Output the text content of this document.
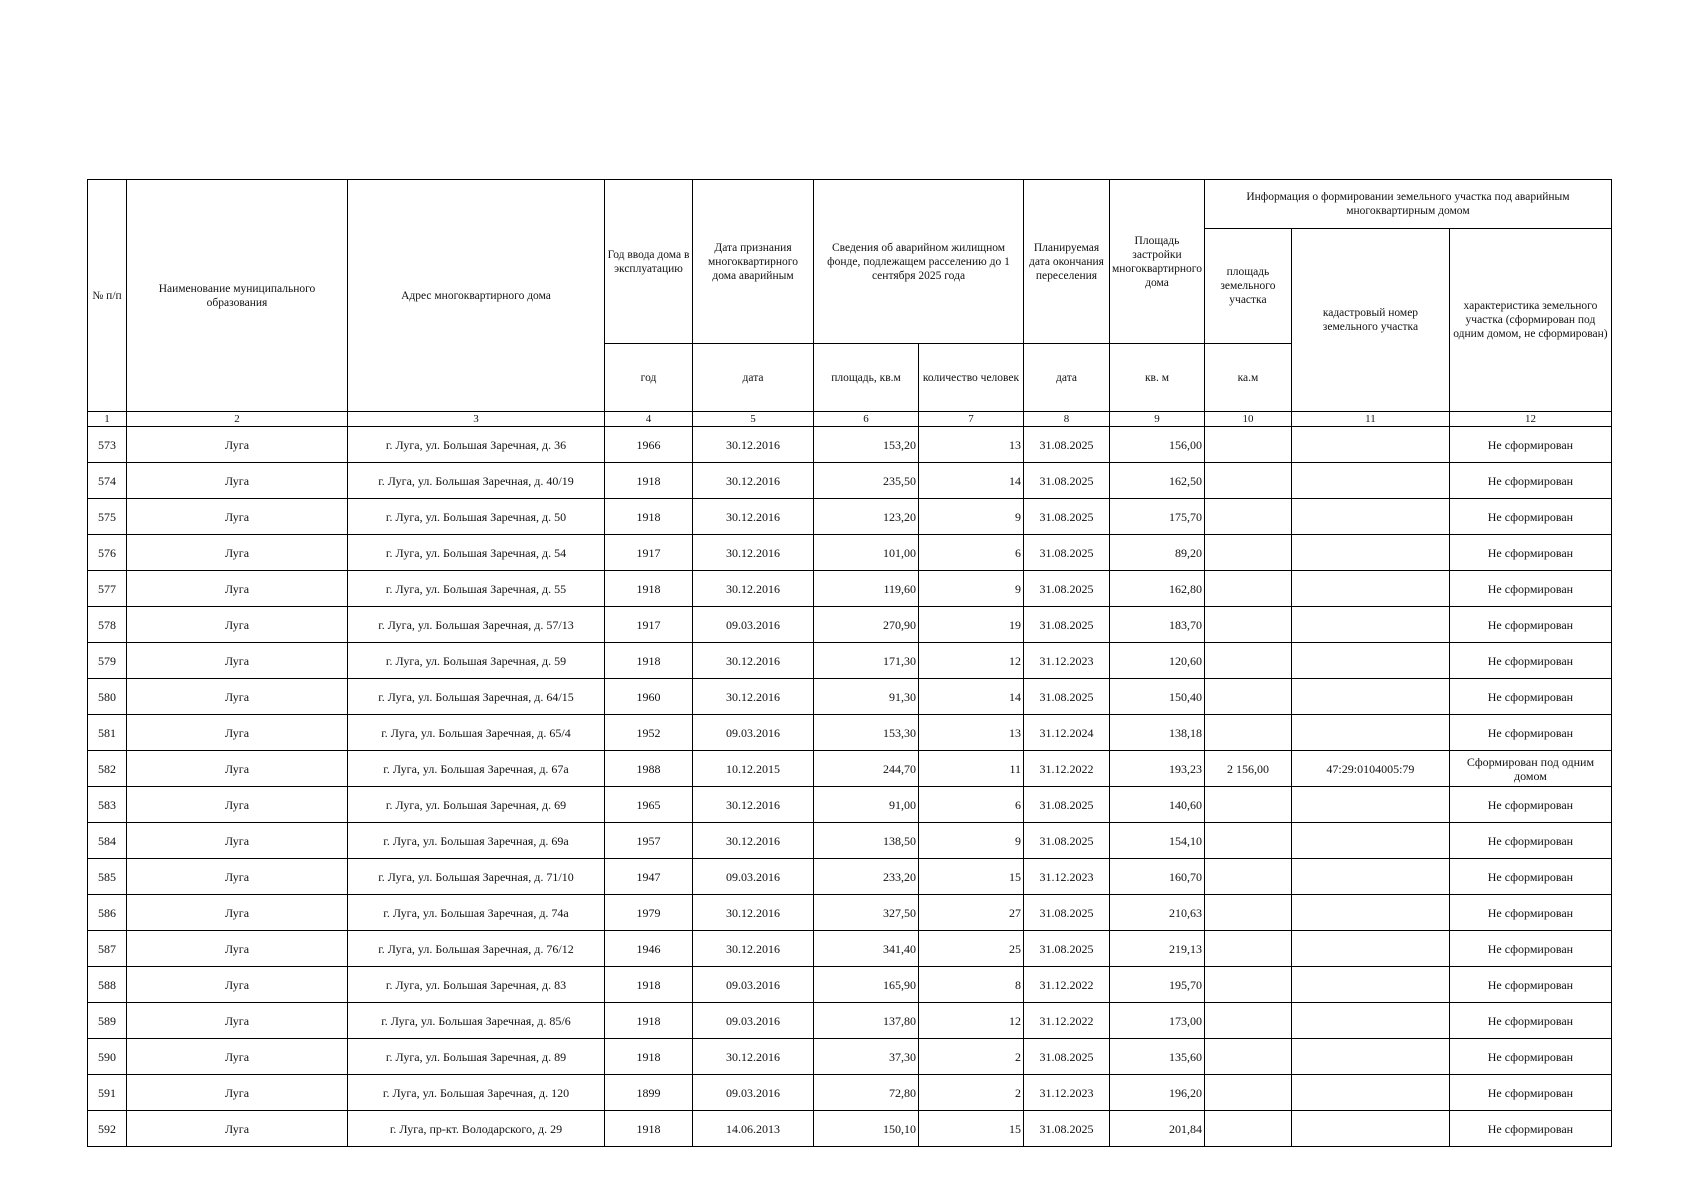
№ п/п	Наименование муниципального образования	Адрес многоквартирного дома	Год ввода дома в эксплуатацию	Дата признания многоквартирного дома аварийным	Сведения об аварийном жилищном фонде, подлежащем расселению до 1 сентября 2025 года		Планируемая дата окончания переселения	Площадь застройки многоквартирного дома	Информация о формировании земельного участка под аварийным многоквартирным домом		
									площадь земельного участка	кадастровый номер земельного участка	характеристика земельного участка (сформирован под одним домом, не сформирован)
			год	дата	площадь, кв.м	количество человек	дата	кв. м	ка.м		
1	2	3	4	5	6	7	8	9	10	11	12
573	Луга	г. Луга, ул. Большая Заречная, д. 36	1966	30.12.2016	153,20	13	31.08.2025	156,00			Не сформирован
574	Луга	г. Луга, ул. Большая Заречная, д. 40/19	1918	30.12.2016	235,50	14	31.08.2025	162,50			Не сформирован
575	Луга	г. Луга, ул. Большая Заречная, д. 50	1918	30.12.2016	123,20	9	31.08.2025	175,70			Не сформирован
576	Луга	г. Луга, ул. Большая Заречная, д. 54	1917	30.12.2016	101,00	6	31.08.2025	89,20			Не сформирован
577	Луга	г. Луга, ул. Большая Заречная, д. 55	1918	30.12.2016	119,60	9	31.08.2025	162,80			Не сформирован
578	Луга	г. Луга, ул. Большая Заречная, д. 57/13	1917	09.03.2016	270,90	19	31.08.2025	183,70			Не сформирован
579	Луга	г. Луга, ул. Большая Заречная, д. 59	1918	30.12.2016	171,30	12	31.12.2023	120,60			Не сформирован
580	Луга	г. Луга, ул. Большая Заречная, д. 64/15	1960	30.12.2016	91,30	14	31.08.2025	150,40			Не сформирован
581	Луга	г. Луга, ул. Большая Заречная, д. 65/4	1952	09.03.2016	153,30	13	31.12.2024	138,18			Не сформирован
582	Луга	г. Луга, ул. Большая Заречная, д. 67а	1988	10.12.2015	244,70	11	31.12.2022	193,23	2 156,00	47:29:0104005:79	Сформирован под одним домом
583	Луга	г. Луга, ул. Большая Заречная, д. 69	1965	30.12.2016	91,00	6	31.08.2025	140,60			Не сформирован
584	Луга	г. Луга, ул. Большая Заречная, д. 69а	1957	30.12.2016	138,50	9	31.08.2025	154,10			Не сформирован
585	Луга	г. Луга, ул. Большая Заречная, д. 71/10	1947	09.03.2016	233,20	15	31.12.2023	160,70			Не сформирован
586	Луга	г. Луга, ул. Большая Заречная, д. 74а	1979	30.12.2016	327,50	27	31.08.2025	210,63			Не сформирован
587	Луга	г. Луга, ул. Большая Заречная, д. 76/12	1946	30.12.2016	341,40	25	31.08.2025	219,13			Не сформирован
588	Луга	г. Луга, ул. Большая Заречная, д. 83	1918	09.03.2016	165,90	8	31.12.2022	195,70			Не сформирован
589	Луга	г. Луга, ул. Большая Заречная, д. 85/6	1918	09.03.2016	137,80	12	31.12.2022	173,00			Не сформирован
590	Луга	г. Луга, ул. Большая Заречная, д. 89	1918	30.12.2016	37,30	2	31.08.2025	135,60			Не сформирован
591	Луга	г. Луга, ул. Большая Заречная, д. 120	1899	09.03.2016	72,80	2	31.12.2023	196,20			Не сформирован
592	Луга	г. Луга, пр-кт. Володарского, д. 29	1918	14.06.2013	150,10	15	31.08.2025	201,84			Не сформирован
